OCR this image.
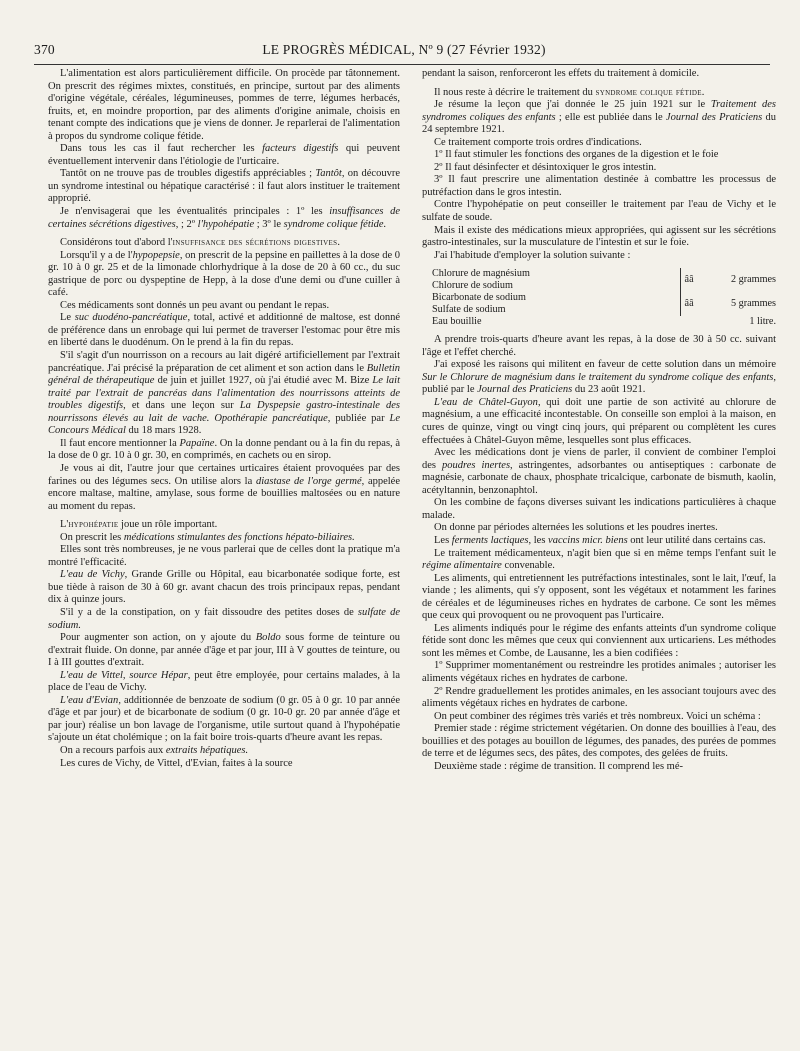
370	LE PROGRÈS MÉDICAL, Nº 9 (27 Février 1932)

L'alimentation est alors particulièrement difficile. On procède par tâtonnement. On prescrit des régimes mixtes, constitués, en principe, surtout par des aliments d'origine végétale, céréales, légumineuses, pommes de terre, légumes herbacés, fruits, et, en moindre proportion, par des aliments d'origine animale, choisis en tenant compte des indications que je viens de donner. Je reparlerai de l'alimentation à propos du syndrome colique fétide.

Dans tous les cas il faut rechercher les facteurs digestifs qui peuvent éventuellement intervenir dans l'étiologie de l'urticaire.

Tantôt on ne trouve pas de troubles digestifs appréciables ; Tantôt, on découvre un syndrome intestinal ou hépatique caractérisé : il faut alors instituer le traitement approprié.

Je n'envisagerai que les éventualités principales : 1º les insuffisances de certaines sécrétions digestives, ; 2º l'hypohépatie ; 3º le syndrome colique fétide.

Considérons tout d'abord l'insuffisance des sécrétions digestives.

Lorsqu'il y a de l'hypopepsie, on prescrit de la pepsine en paillettes à la dose de 0 gr. 10 à 0 gr. 25 et de la limonade chlorhydrique à la dose de 20 à 60 cc., du suc gastrique de porc ou dyspeptine de Hepp, à la dose d'une demi ou d'une cuiller à café.

Ces médicaments sont donnés un peu avant ou pendant le repas.

Le suc duodéno-pancréatique, total, activé et additionné de maltose, est donné de préférence dans un enrobage qui lui permet de traverser l'estomac pour être mis en liberté dans le duodénum. On le prend à la fin du repas.

S'il s'agit d'un nourrisson on a recours au lait digéré artificiellement par l'extrait pancréatique. J'ai précisé la préparation de cet aliment et son action dans le Bulletin général de thérapeutique de juin et juillet 1927, où j'ai étudié avec M. Bize Le lait traité par l'extrait de pancréas dans l'alimentation des nourrissons atteints de troubles digestifs, et dans une leçon sur La Dyspepsie gastro-intestinale des nourrissons élevés au lait de vache. Opothérapie pancréatique, publiée par Le Concours Médical du 18 mars 1928.

Il faut encore mentionner la Papaïne. On la donne pendant ou à la fin du repas, à la dose de 0 gr. 10 à 0 gr. 30, en comprimés, en cachets ou en sirop.

Je vous ai dit, l'autre jour que certaines urticaires étaient provoquées par des farines ou des légumes secs. On utilise alors la diastase de l'orge germé, appelée encore maltase, maltine, amylase, sous forme de bouillies maltosées ou en nature au moment du repas.

L'hypohépatie joue un rôle important.

On prescrit les médications stimulantes des fonctions hépato-biliaires.

Elles sont très nombreuses, je ne vous parlerai que de celles dont la pratique m'a montré l'efficacité.

L'eau de Vichy, Grande Grille ou Hôpital, eau bicarbonatée sodique forte, est bue tiède à raison de 30 à 60 gr. avant chacun des trois principaux repas, pendant dix à quinze jours.

S'il y a de la constipation, on y fait dissoudre des petites doses de sulfate de sodium.

Pour augmenter son action, on y ajoute du Boldo sous forme de teinture ou d'extrait fluide. On donne, par année d'âge et par jour, III à V gouttes de teinture, ou I à III gouttes d'extrait.

L'eau de Vittel, source Hépar, peut être employée, pour certains malades, à la place de l'eau de Vichy.

L'eau d'Evian, additionnée de benzoate de sodium (0 gr. 05 à 0 gr. 10 par année d'âge et par jour) et de bicarbonate de sodium (0 gr. 10-0 gr. 20 par année d'âge et par jour) réalise un bon lavage de l'organisme, utile surtout quand à l'hypohépatie s'ajoute un état cholémique ; on la fait boire trois-quarts d'heure avant les repas.

On a recours parfois aux extraits hépatiques.

Les cures de Vichy, de Vittel, d'Evian, faites à la source

pendant la saison, renforceront les effets du traitement à domicile.

Il nous reste à décrire le traitement du syndrome colique fétide.

Je résume la leçon que j'ai donnée le 25 juin 1921 sur le Traitement des syndromes coliques des enfants ; elle est publiée dans le Journal des Praticiens du 24 septembre 1921.

Ce traitement comporte trois ordres d'indications.

1º Il faut stimuler les fonctions des organes de la digestion et le foie

2º Il faut désinfecter et désintoxiquer le gros intestin.

3º Il faut prescrire une alimentation destinée à combattre les processus de putréfaction dans le gros intestin.

Contre l'hypohépatie on peut conseiller le traitement par l'eau de Vichy et le sulfate de soude.

Mais il existe des médications mieux appropriées, qui agissent sur les sécrétions gastro-intestinales, sur la musculature de l'intestin et sur le foie.

J'ai l'habitude d'employer la solution suivante :

Chlorure de magnésium	ââ	2 grammes
Chlorure de sodium		
Bicarbonate de sodium	ââ	5 grammes
Sulfate de sodium		
Eau bouillie		1 litre.

A prendre trois-quarts d'heure avant les repas, à la dose de 30 à 50 cc. suivant l'âge et l'effet cherché.

J'ai exposé les raisons qui militent en faveur de cette solution dans un mémoire Sur le Chlorure de magnésium dans le traitement du syndrome colique des enfants, publié par le Journal des Praticiens du 23 août 1921.

L'eau de Châtel-Guyon, qui doit une partie de son activité au chlorure de magnésium, a une efficacité incontestable. On conseille son emploi à la maison, en cures de quinze, vingt ou vingt cinq jours, qui préparent ou complètent les cures effectuées à Châtel-Guyon même, lesquelles sont plus efficaces.

Avec les médications dont je viens de parler, il convient de combiner l'emploi des poudres inertes, astringentes, adsorbantes ou antiseptiques : carbonate de magnésie, carbonate de chaux, phosphate tricalcique, carbonate de bismuth, kaolin, acétyltannin, benzonaphtol.

On les combine de façons diverses suivant les indications particulières à chaque malade.

On donne par périodes alternées les solutions et les poudres inertes.

Les ferments lactiques, les vaccins micr. biens ont leur utilité dans certains cas.

Le traitement médicamenteux, n'agit bien que si en même temps l'enfant suit le régime alimentaire convenable.

Les aliments, qui entretiennent les putréfactions intestinales, sont le lait, l'œuf, la viande ; les aliments, qui s'y opposent, sont les végétaux et notamment les farines de céréales et de légumineuses riches en hydrates de carbone. Ce sont les mêmes que ceux qui provoquent ou ne provoquent pas l'urticaire.

Les aliments indiqués pour le régime des enfants atteints d'un syndrome colique fétide sont donc les mêmes que ceux qui conviennent aux urticariens. Les méthodes sont les mêmes et Combe, de Lausanne, les a bien codifiées :

1º Supprimer momentanément ou restreindre les protides animales ; autoriser les aliments végétaux riches en hydrates de carbone.

2º Rendre graduellement les protides animales, en les associant toujours avec des aliments végétaux riches en hydrates de carbone.

On peut combiner des régimes très variés et très nombreux. Voici un schéma :

Premier stade : régime strictement végétarien. On donne des bouillies à l'eau, des bouillies et des potages au bouillon de légumes, des panades, des purées de pommes de terre et de légumes secs, des pâtes, des compotes, des gelées de fruits.

Deuxième stade : régime de transition. Il comprend les mé-
